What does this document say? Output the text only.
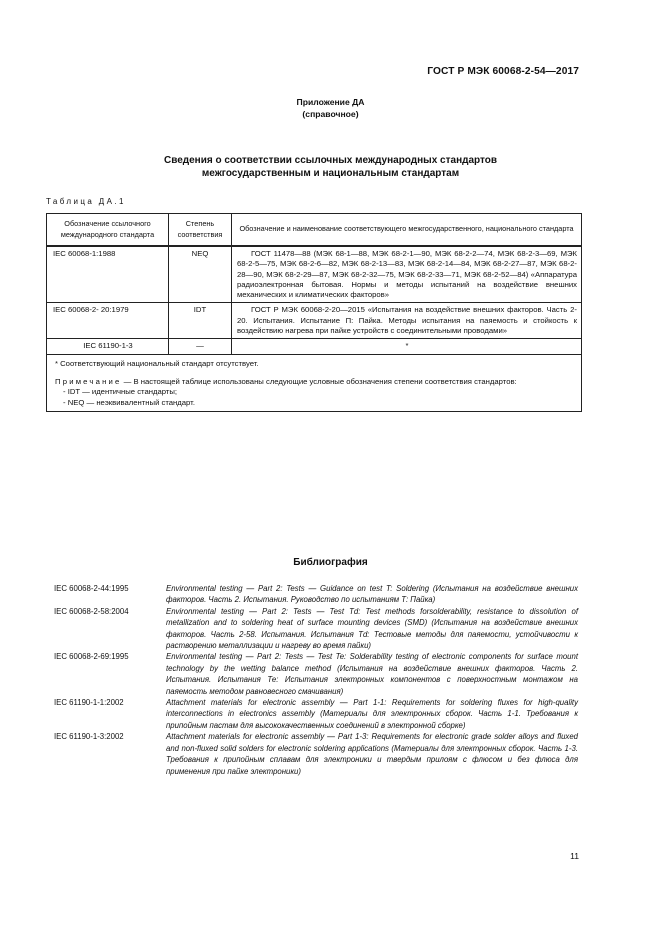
ГОСТ Р МЭК 60068-2-54—2017
Приложение ДА
(справочное)
Сведения о соответствии ссылочных международных стандартов
межгосударственным и национальным стандартам
Таблица ДА.1
Обозначение ссылочного международного стандарта	Степень соответствия	Обозначение и наименование соответствующего межгосударственного, национального стандарта
IEC 60068-1:1988	NEQ	ГОСТ 11478—88 (МЭК 68-1—88, МЭК 68-2-1—90, МЭК 68-2-2—74, МЭК 68-2-3—69, МЭК 68-2-5—75, МЭК 68-2-6—82, МЭК 68-2-13—83, МЭК 68-2-14—84, МЭК 68-2-27—87, МЭК 68-2-28—90, МЭК 68-2-29—87, МЭК 68-2-32—75, МЭК 68-2-33—71, МЭК 68-2-52—84) «Аппаратура радиоэлектронная бытовая. Нормы и методы испытаний на воздействие внешних механических и климатических факторов»
IEC 60068-2- 20:1979	IDT	ГОСТ Р МЭК 60068-2-20—2015 «Испытания на воздействие внешних факторов. Часть 2-20. Испытания. Испытание П: Пайка. Методы испытания на паяемость и стойкость к воздействию нагрева при пайке устройств с соединительными проводами»
IEC 61190-1-3	—	*

* Соответствующий национальный стандарт отсутствует.

Примечание — В настоящей таблице использованы следующие условные обозначения степени соответствия стандартов:

- IDT — идентичные стандарты;
- NEQ — неэквивалентный стандарт.		
Библиография
IEC 60068-2-44:1995	Environmental testing — Part 2: Tests — Guidance on test T: Soldering (Испытания на воздействие внешних факторов. Часть 2. Испытания. Руководство по испытаниям Т: Пайка)
IEC 60068-2-58:2004	Environmental testing — Part 2: Tests — Test Td: Test methods forsolderability, resistance to dissolution of metallization and to soldering heat of surface mounting devices (SMD) (Испытания на воздействие внешних факторов. Часть 2-58. Испытания. Испытания Td: Тестовые методы для паяемости, устойчивости к растворению металлизации и нагреву во время пайки)
IEC 60068-2-69:1995	Environmental testing — Part 2: Tests — Test Te: Solderability testing of electronic components for surface mount technology by the wetting balance method (Испытания на воздействие внешних факторов. Часть 2. Испытания. Испытания Те: Испытания электронных компонентов с поверхностным монтажом на паяемость методом равновесного смачивания)
IEC 61190-1-1:2002	Attachment materials for electronic assembly — Part 1-1: Requirements for soldering fluxes for high-quality interconnections in electronics assembly (Материалы для электронных сборок. Часть 1-1. Требования к припойным пастам для высококачественных соединений в электронной сборке)
IEC 61190-1-3:2002	Attachment materials for electronic assembly — Part 1-3: Requirements for electronic grade solder alloys and fluxed and non-fluxed solid solders for electronic soldering applications (Материалы для электронных сборок. Часть 1-3. Требования к припойным сплавам для электроники и твердым прилоям с флюсом и без флюса для применения при пайке электроники)
11
